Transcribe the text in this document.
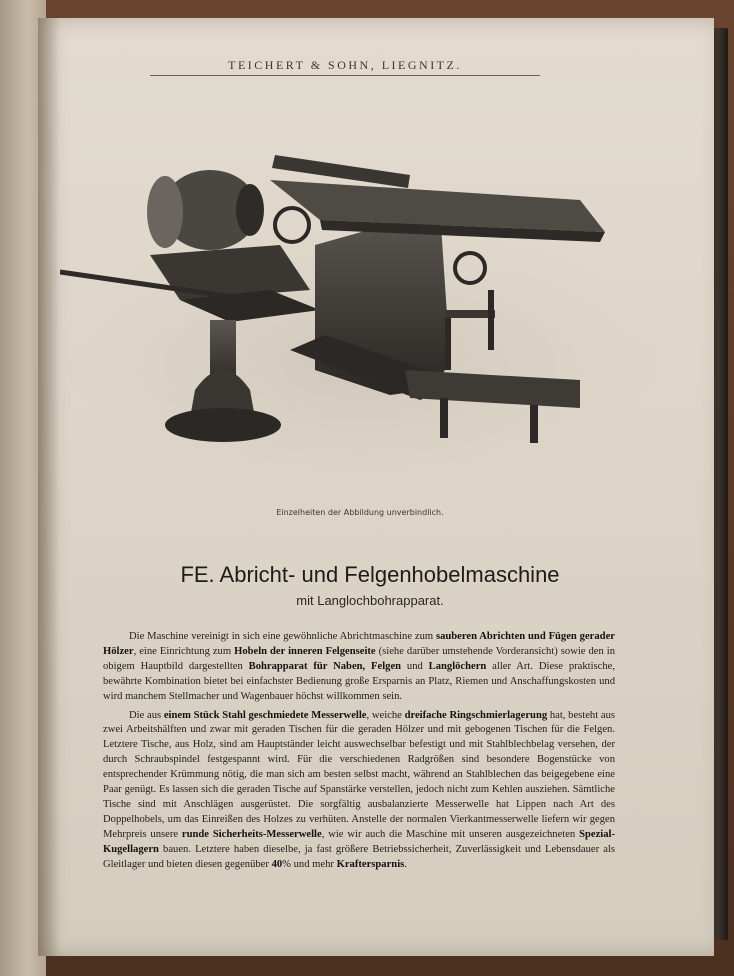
TEICHERT & SOHN, LIEGNITZ.
Einzelheiten der Abbildung unverbindlich.
FE. Abricht- und Felgenhobelmaschine
mit Langlochbohrapparat.

Die Maschine vereinigt in sich eine gewöhnliche Abrichtmaschine zum sauberen Abrichten und Fügen gerader Hölzer, eine Einrichtung zum Hobeln der inneren Felgenseite (siehe darüber umstehende Vorderansicht) sowie den in obigem Hauptbild dargestellten Bohrapparat für Naben, Felgen und Langlöchern aller Art. Diese praktische, bewährte Kombination bietet bei einfachster Bedienung große Ersparnis an Platz, Riemen und Anschaffungskosten und wird manchem Stellmacher und Wagenbauer höchst willkommen sein.

Die aus einem Stück Stahl geschmiedete Messerwelle, weiche dreifache Ringschmierlagerung hat, besteht aus zwei Arbeitshälften und zwar mit geraden Tischen für die geraden Hölzer und mit gebogenen Tischen für die Felgen. Letztere Tische, aus Holz, sind am Hauptständer leicht auswechselbar befestigt und mit Stahlblechbelag versehen, der durch Schraubspindel festgespannt wird. Für die verschiedenen Radgrößen sind besondere Bogenstücke von entsprechender Krümmung nötig, die man sich am besten selbst macht, während an Stahlblechen das beigegebene eine Paar genügt. Es lassen sich die geraden Tische auf Spanstärke verstellen, jedoch nicht zum Kehlen ausziehen. Sämtliche Tische sind mit Anschlägen ausgerüstet. Die sorgfältig ausbalanzierte Messerwelle hat Lippen nach Art des Doppelhobels, um das Einreißen des Holzes zu verhüten. Anstelle der normalen Vierkantmesserwelle liefern wir gegen Mehrpreis unsere runde Sicherheits-Messerwelle, wie wir auch die Maschine mit unseren ausgezeichneten Spezial-Kugellagern bauen. Letztere haben dieselbe, ja fast größere Betriebssicherheit, Zuverlässigkeit und Lebensdauer als Gleitlager und bieten diesen gegenüber 40% und mehr Kraftersparnis.
